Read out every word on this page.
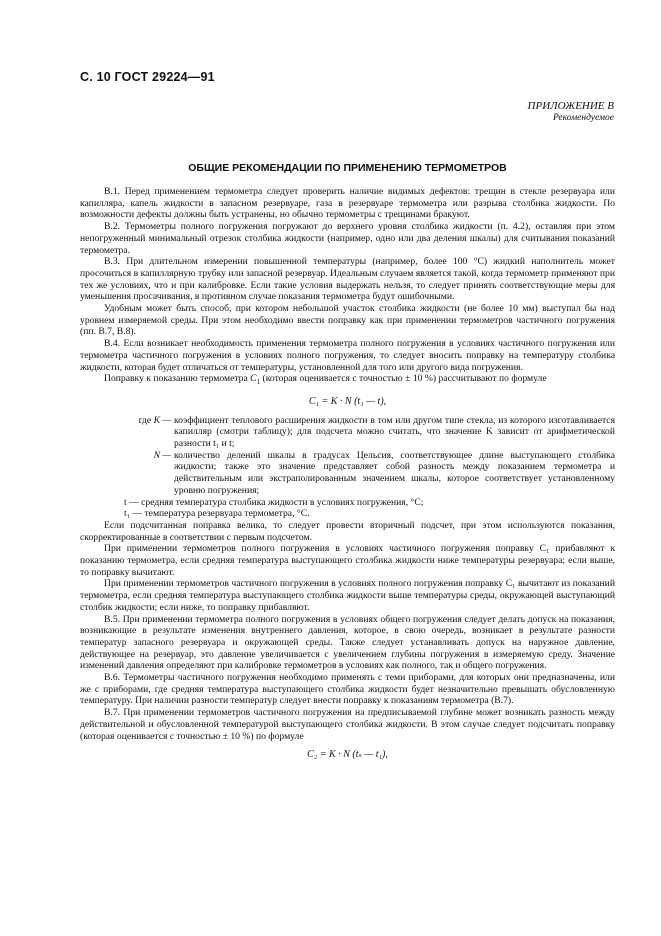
С. 10 ГОСТ 29224—91
ПРИЛОЖЕНИЕ В
Рекомендуемое
ОБЩИЕ РЕКОМЕНДАЦИИ ПО ПРИМЕНЕНИЮ ТЕРМОМЕТРОВ

В.1. Перед применением термометра следует проверить наличие видимых дефектов: трещин в стекле резервуара или капилляра, капель жидкости в запасном резервуаре, газа в резервуаре термометра или разрыва столбика жидкости. По возможности дефекты должны быть устранены, но обычно термометры с трещинами бракуют.

В.2. Термометры полного погружения погружают до верхнего уровня столбика жидкости (п. 4.2), оставляя при этом непогруженный минимальный отрезок столбика жидкости (например, одно или два деления шкалы) для считывания показаний термометра.

В.3. При длительном измерении повышенной температуры (например, более 100 °С) жидкий наполнитель может просочиться в капиллярную трубку или запасной резервуар. Идеальным случаем является такой, когда термометр применяют при тех же условиях, что и при калибровке. Если такие условия выдержать нельзя, то следует принять соответствующие меры для уменьшения просачивания, в противном случае показания термометра будут ошибочными.

Удобным может быть способ, при котором небольшой участок столбика жидкости (не более 10 мм) выступал бы над уровнем измеряемой среды. При этом необходимо ввести поправку как при применении термометров частичного погружения (пп. В.7, В.8).

В.4. Если возникает необходимость применения термометра полного погружения в условиях частичного погружения или термометра частичного погружения в условиях полного погружения, то следует вносить поправку на температуру столбика жидкости, которая будет отличаться от температуры, установленной для того или другого вида погружения.

Поправку к показанию термометра $C_1$ (которая оценивается с точностью ± 10 %) рассчитывают по формуле

C₁ = K · N (t₁ — t),
где K — коэффициент теплового расширения жидкости в том или другом типе стекла, из которого изготавливается капилляр (смотри таблицу); для подсчета можно считать, что значение K зависит от арифметической разности t₁ и t;
N — количество делений шкалы в градусах Цельсия, соответствующее длине выступающего столбика жидкости; также это значение представляет собой разность между показанием термометра и действительным или экстраполированным значением шкалы, которое соответствует установленному уровню погружения;
t — средняя температура столбика жидкости в условиях погружения, °С;
t₁ — температура резервуара термометра, °С.

Если подсчитанная поправка велика, то следует провести вторичный подсчет, при этом используются показания, скорректированные в соответствии с первым подсчетом.

При применении термометров полного погружения в условиях частичного погружения поправку C₁ прибавляют к показанию термометра, если средняя температура выступающего столбика жидкости ниже температуры резервуара; если выше, то поправку вычитают.

При применении термометров частичного погружения в условиях полного погружения поправку C₁ вычитают из показаний термометра, если средняя температура выступающего столбика жидкости выше температуры среды, окружающей выступающий столбик жидкости; если ниже, то поправку прибавляют.

В.5. При применении термометра полного погружения в условиях общего погружения следует делать допуск на показания, возникающие в результате изменения внутреннего давления, которое, в свою очередь, возникает в результате разности температур запасного резервуара и окружающей среды. Также следует устанавливать допуск на наружное давление, действующее на резервуар, это давление увеличивается с увеличением глубины погружения в измеряемую среду. Значение изменений давления определяют при калибровке термометров в условиях как полного, так и общего погружения.

В.6. Термометры частичного погружения необходимо применять с теми приборами, для которых они предназначены, или же с приборами, где средняя температура выступающего столбика жидкости будет незначительно превышать обусловленную температуру. При наличии разности температур следует внести поправку к показаниям термометра (В.7).

В.7. При применении термометров частичного погружения на предписываемой глубине может возникать разность между действительной и обусловленной температурой выступающего столбика жидкости. В этом случае следует подсчитать поправку (которая оценивается с точностью ± 10 %) по формуле

C₂ = K · N (tₛ — t₁),
